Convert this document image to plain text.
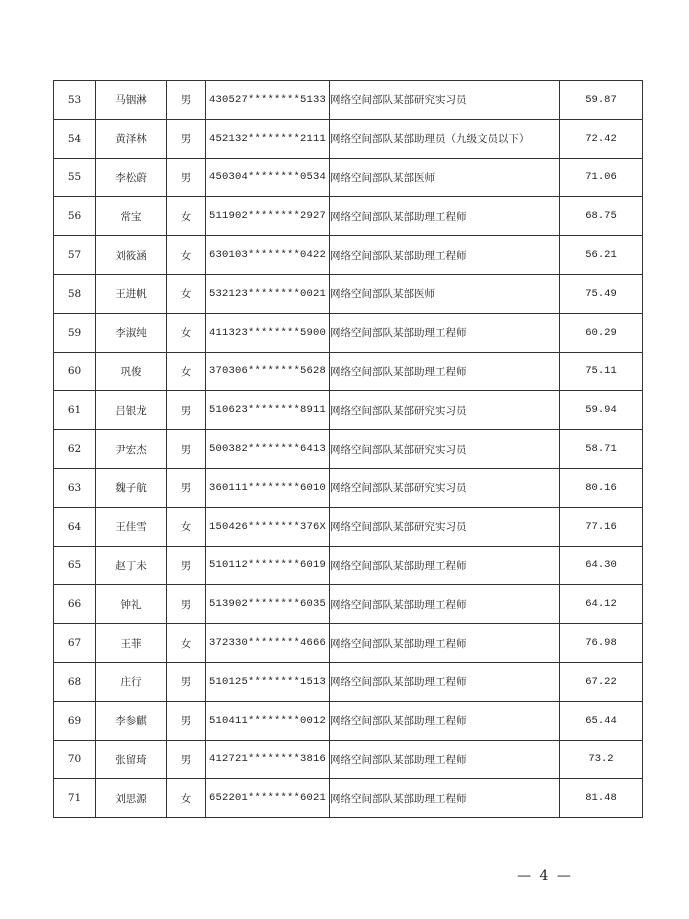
53	马铟淋	男	430527********5133	网络空间部队某部研究实习员	59.87
54	黄泽林	男	452132********2111	网络空间部队某部助理员（九级文员以下）	72.42
55	李松蔚	男	450304********0534	网络空间部队某部医师	71.06
56	常宝	女	511902********2927	网络空间部队某部助理工程师	68.75
57	刘筱涵	女	630103********0422	网络空间部队某部助理工程师	56.21
58	王进帆	女	532123********0021	网络空间部队某部医师	75.49
59	李淑纯	女	411323********5900	网络空间部队某部助理工程师	60.29
60	巩俊	女	370306********5628	网络空间部队某部助理工程师	75.11
61	吕银龙	男	510623********8911	网络空间部队某部研究实习员	59.94
62	尹宏杰	男	500382********6413	网络空间部队某部研究实习员	58.71
63	魏子航	男	360111********6010	网络空间部队某部研究实习员	80.16
64	王佳雪	女	150426********376X	网络空间部队某部研究实习员	77.16
65	赵丁未	男	510112********6019	网络空间部队某部助理工程师	64.30
66	钟礼	男	513902********6035	网络空间部队某部助理工程师	64.12
67	王菲	女	372330********4666	网络空间部队某部助理工程师	76.98
68	庄行	男	510125********1513	网络空间部队某部助理工程师	67.22
69	李参麒	男	510411********0012	网络空间部队某部助理工程师	65.44
70	张留琦	男	412721********3816	网络空间部队某部助理工程师	73.2
71	刘思源	女	652201********6021	网络空间部队某部助理工程师	81.48
— 4 —
